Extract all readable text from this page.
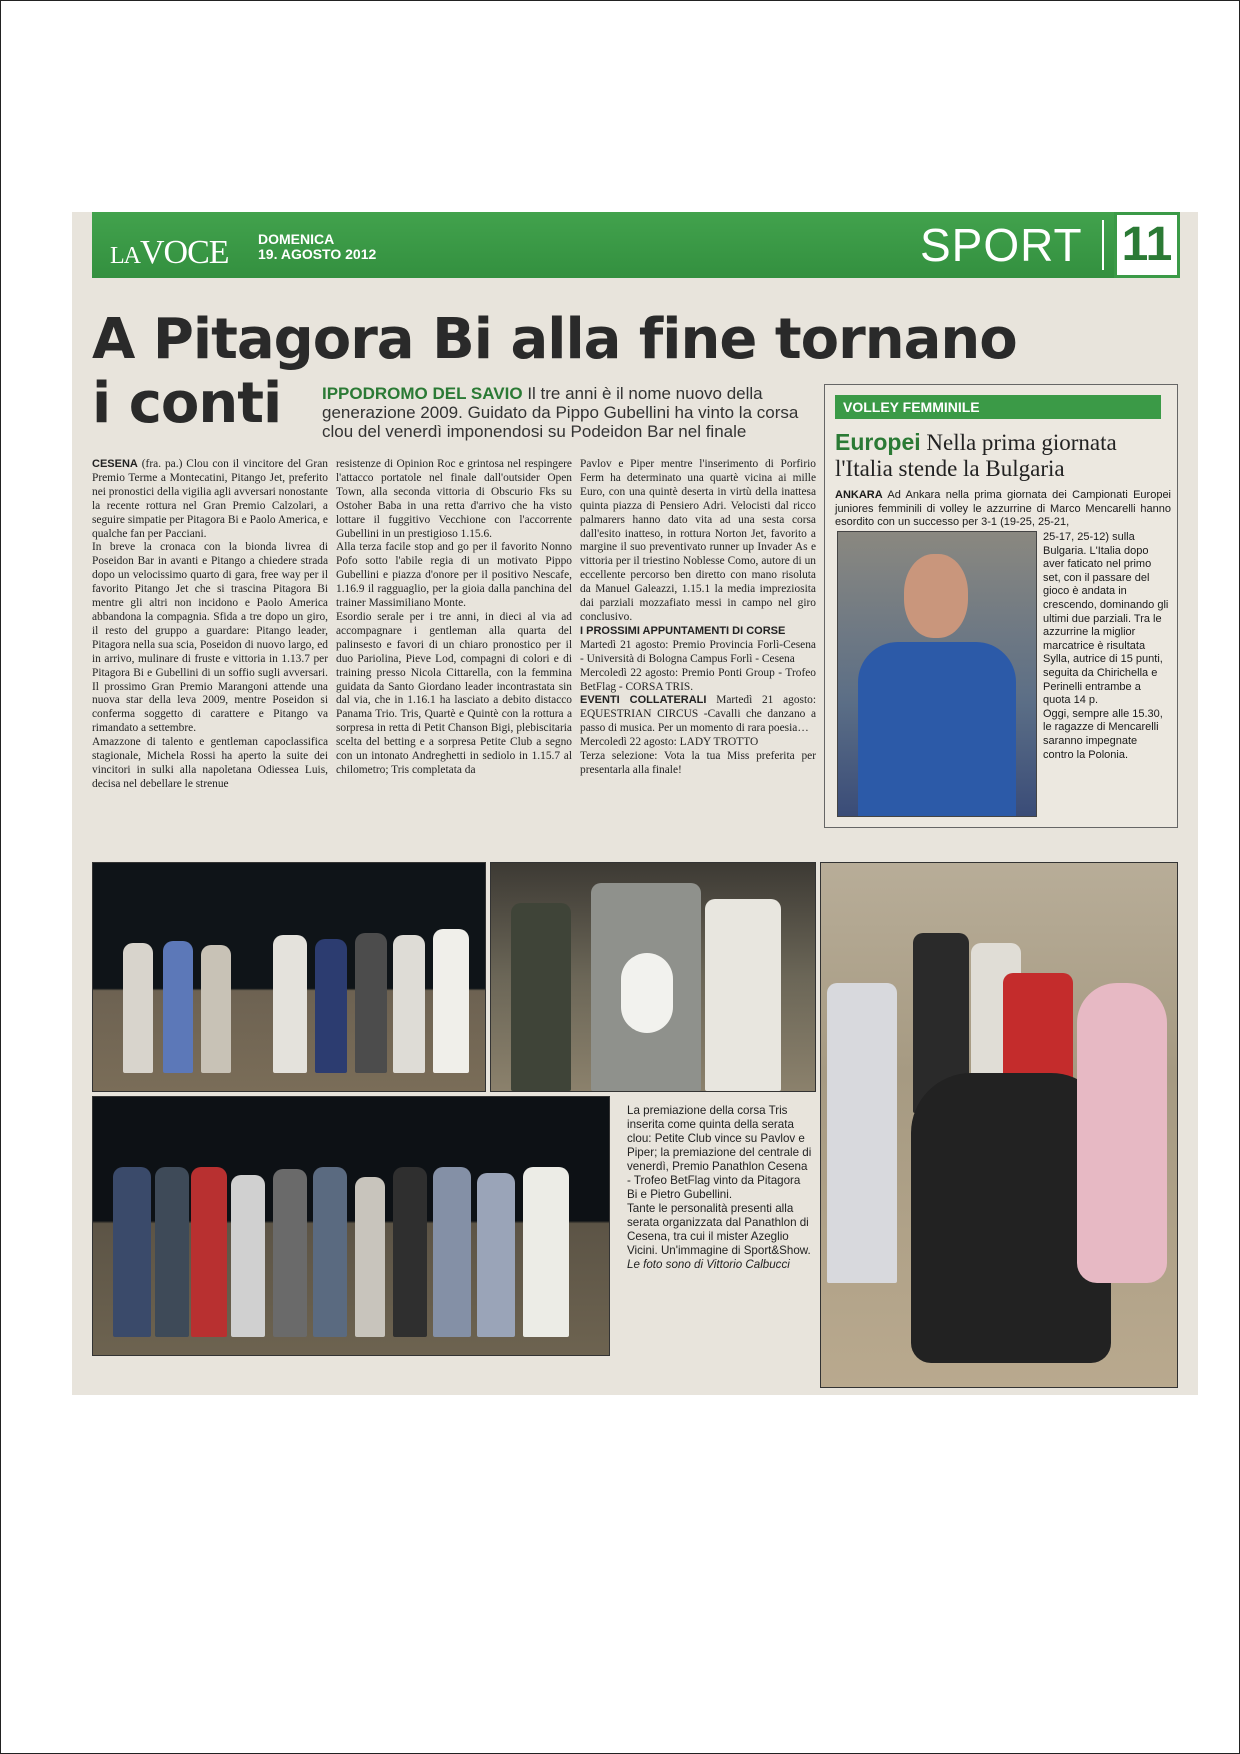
LAVOCE DOMENICA
19. AGOSTO 2012	SPORT 11
A Pitagora Bi alla fine tornano
i conti IPPODROMO DEL SAVIO Il tre anni è il nome nuovo della generazione 2009. Guidato da Pippo Gubellini ha vinto la corsa clou del venerdì imponendosi su Podeidon Bar nel finale

CESENA (fra. pa.) Clou con il vincitore del Gran Premio Terme a Montecatini, Pitango Jet, preferito nei pronostici della vigilia agli avversari nonostante la recente rottura nel Gran Premio Calzolari, a seguire simpatie per Pitagora Bi e Paolo America, e qualche fan per Pacciani.

In breve la cronaca con la bionda livrea di Poseidon Bar in avanti e Pitango a chiedere strada dopo un velocissimo quarto di gara, free way per il favorito Pitango Jet che si trascina Pitagora Bi mentre gli altri non incidono e Paolo America abbandona la compagnia. Sfida a tre dopo un giro, il resto del gruppo a guardare: Pitango leader, Pitagora nella sua scia, Poseidon di nuovo largo, ed in arrivo, mulinare di fruste e vittoria in 1.13.7 per Pitagora Bi e Gubellini di un soffio sugli avversari. Il prossimo Gran Premio Marangoni attende una nuova star della leva 2009, mentre Poseidon si conferma soggetto di carattere e Pitango va rimandato a settembre.

Amazzone di talento e gentleman capoclassifica stagionale, Michela Rossi ha aperto la suite dei vincitori in sulki alla napoletana Odiessea Luis, decisa nel debellare le strenue

resistenze di Opinion Roc e grintosa nel respingere l'attacco portatole nel finale dall'outsider Open Town, alla seconda vittoria di Obscurio Fks su Ostoher Baba in una retta d'arrivo che ha visto lottare il fuggitivo Vecchione con l'accorrente Gubellini in un prestigioso 1.15.6.

Alla terza facile stop and go per il favorito Nonno Pofo sotto l'abile regia di un motivato Pippo Gubellini e piazza d'onore per il positivo Nescafe, 1.16.9 il ragguaglio, per la gioia dalla panchina del trainer Massimiliano Monte.

Esordio serale per i tre anni, in dieci al via ad accompagnare i gentleman alla quarta del palinsesto e favori di un chiaro pronostico per il duo Pariolina, Pieve Lod, compagni di colori e di training presso Nicola Cittarella, con la femmina guidata da Santo Giordano leader incontrastata sin dal via, che in 1.16.1 ha lasciato a debito distacco Panama Trio. Tris, Quartè e Quintè con la rottura a sorpresa in retta di Petit Chanson Bigi, plebiscitaria scelta del betting e a sorpresa Petite Club a segno con un intonato Andreghetti in sediolo in 1.15.7 al chilometro; Tris completata da

Pavlov e Piper mentre l'inserimento di Porfirio Ferm ha determinato una quartè vicina ai mille Euro, con una quintè deserta in virtù della inattesa quinta piazza di Pensiero Adri. Velocisti dal ricco palmarers hanno dato vita ad una sesta corsa dall'esito inatteso, in rottura Norton Jet, favorito a margine il suo preventivato runner up Invader As e vittoria per il triestino Noblesse Como, autore di un eccellente percorso ben diretto con mano risoluta da Manuel Galeazzi, 1.15.1 la media impreziosita dai parziali mozzafiato messi in campo nel giro conclusivo.

I PROSSIMI APPUNTAMENTI DI CORSE

Martedì 21 agosto: Premio Provincia Forlì-Cesena - Università di Bologna Campus Forlì - Cesena

Mercoledì 22 agosto: Premio Ponti Group - Trofeo BetFlag - CORSA TRIS.

EVENTI COLLATERALI Martedì 21 agosto: EQUESTRIAN CIRCUS -Cavalli che danzano a passo di musica. Per un momento di rara poesia…

Mercoledì 22 agosto: LADY TROTTO

Terza selezione: Vota la tua Miss preferita per presentarla alla finale!

VOLLEY FEMMINILE
Europei Nella prima giornata l'Italia stende la Bulgaria
ANKARA Ad Ankara nella prima giornata dei Campionati Europei juniores femminili di volley le azzurrine di Marco Mencarelli hanno esordito con un successo per 3-1 (19-25, 25-21,
25-17, 25-12) sulla Bulgaria. L'Italia dopo aver faticato nel primo set, con il passare del gioco è andata in crescendo, dominando gli ultimi due parziali. Tra le azzurrine la miglior marcatrice è risultata Sylla, autrice di 15 punti, seguita da Chirichella e Perinelli entrambe a quota 14 p.
Oggi, sempre alle 15.30, le ragazze di Mencarelli saranno impegnate contro la Polonia.
La premiazione della corsa Tris inserita come quinta della serata clou: Petite Club vince su Pavlov e Piper; la premiazione del centrale di venerdì, Premio Panathlon Cesena - Trofeo BetFlag vinto da Pitagora Bi e Pietro Gubellini.
Tante le personalità presenti alla serata organizzata dal Panathlon di Cesena, tra cui il mister Azeglio Vicini. Un'immagine di Sport&Show.
Le foto sono di Vittorio Calbucci
